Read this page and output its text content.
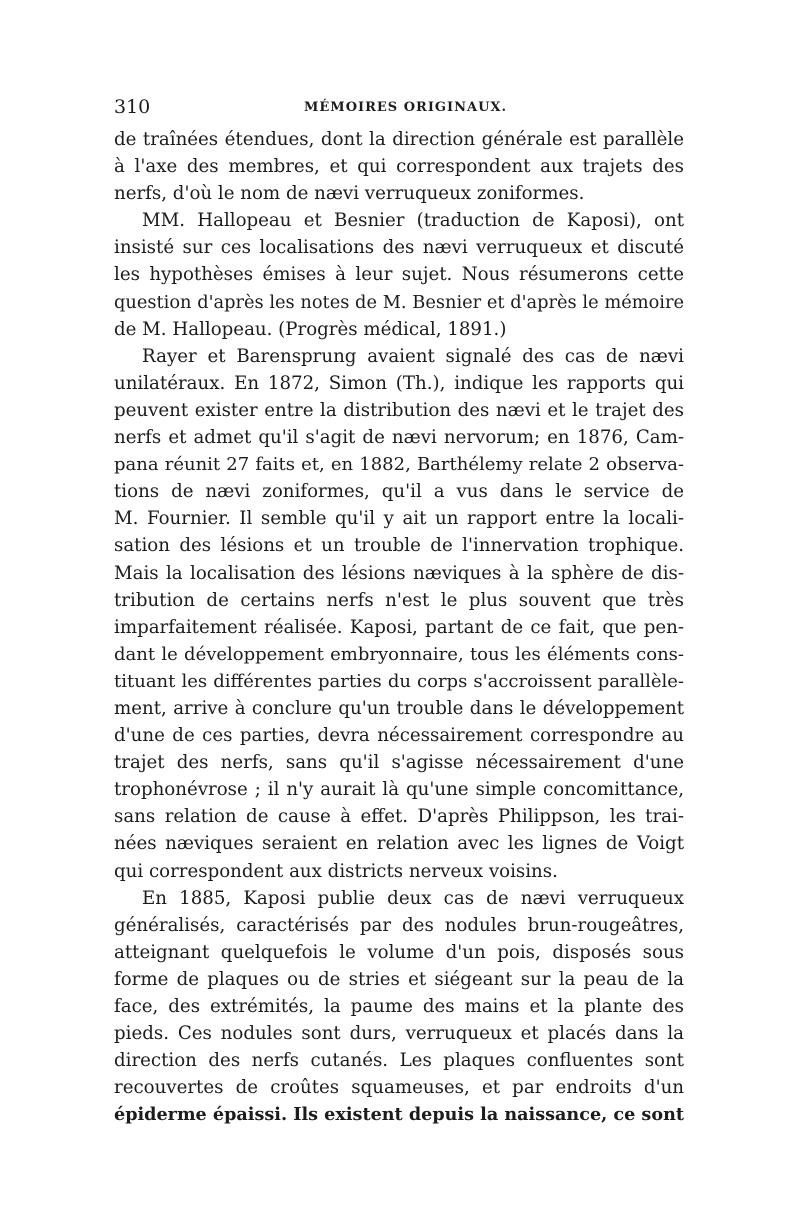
310	MÉMOIRES ORIGINAUX.
de traînées étendues, dont la direction générale est parallèle
à l'axe des membres, et qui correspondent aux trajets des
nerfs, d'où le nom de nævi verruqueux zoniformes.
MM. Hallopeau et Besnier (traduction de Kaposi), ont
insisté sur ces localisations des nævi verruqueux et discuté
les hypothèses émises à leur sujet. Nous résumerons cette
question d'après les notes de M. Besnier et d'après le mémoire
de M. Hallopeau. (Progrès médical, 1891.)
Rayer et Barensprung avaient signalé des cas de nævi
unilatéraux. En 1872, Simon (Th.), indique les rapports qui
peuvent exister entre la distribution des nævi et le trajet des
nerfs et admet qu'il s'agit de nævi nervorum; en 1876, Cam-
pana réunit 27 faits et, en 1882, Barthélemy relate 2 observa-
tions de nævi zoniformes, qu'il a vus dans le service de
M. Fournier. Il semble qu'il y ait un rapport entre la locali-
sation des lésions et un trouble de l'innervation trophique.
Mais la localisation des lésions næviques à la sphère de dis-
tribution de certains nerfs n'est le plus souvent que très
imparfaitement réalisée. Kaposi, partant de ce fait, que pen-
dant le développement embryonnaire, tous les éléments cons-
tituant les différentes parties du corps s'accroissent parallèle-
ment, arrive à conclure qu'un trouble dans le développement
d'une de ces parties, devra nécessairement correspondre au
trajet des nerfs, sans qu'il s'agisse nécessairement d'une
trophonévrose ; il n'y aurait là qu'une simple concomittance,
sans relation de cause à effet. D'après Philippson, les trai-
nées næviques seraient en relation avec les lignes de Voigt
qui correspondent aux districts nerveux voisins.
En 1885, Kaposi publie deux cas de nævi verruqueux
généralisés, caractérisés par des nodules brun-rougeâtres,
atteignant quelquefois le volume d'un pois, disposés sous
forme de plaques ou de stries et siégeant sur la peau de la
face, des extrémités, la paume des mains et la plante des
pieds. Ces nodules sont durs, verruqueux et placés dans la
direction des nerfs cutanés. Les plaques confluentes sont
recouvertes de croûtes squameuses, et par endroits d'un
épiderme épaissi. Ils existent depuis la naissance, ce sont
